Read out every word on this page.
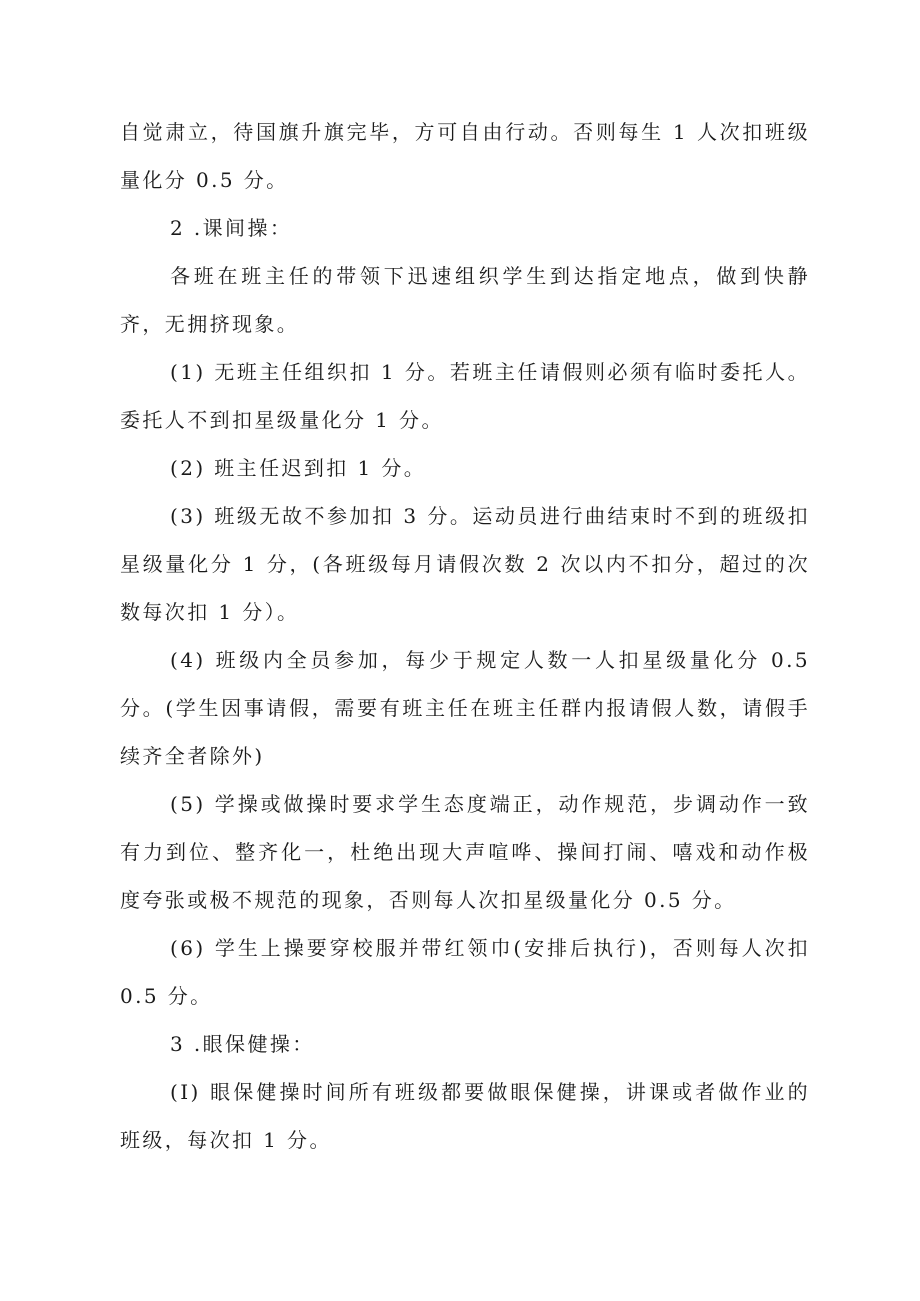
自觉肃立，待国旗升旗完毕，方可自由行动。否则每生 1 人次扣班级量化分 0.5 分。

2 .课间操：

各班在班主任的带领下迅速组织学生到达指定地点，做到快静齐，无拥挤现象。

(1) 无班主任组织扣 1 分。若班主任请假则必须有临时委托人。委托人不到扣星级量化分 1 分。

(2) 班主任迟到扣 1 分。

(3) 班级无故不参加扣 3 分。运动员进行曲结束时不到的班级扣星级量化分 1 分，(各班级每月请假次数 2 次以内不扣分，超过的次数每次扣 1 分）。

(4) 班级内全员参加，每少于规定人数一人扣星级量化分 0.5 分。(学生因事请假，需要有班主任在班主任群内报请假人数，请假手续齐全者除外)

(5) 学操或做操时要求学生态度端正，动作规范，步调动作一致有力到位、整齐化一，杜绝出现大声喧哗、操间打闹、嘻戏和动作极度夸张或极不规范的现象，否则每人次扣星级量化分 0.5 分。

(6) 学生上操要穿校服并带红领巾(安排后执行)，否则每人次扣 0.5 分。

3 .眼保健操：

(I) 眼保健操时间所有班级都要做眼保健操，讲课或者做作业的班级，每次扣 1 分。
